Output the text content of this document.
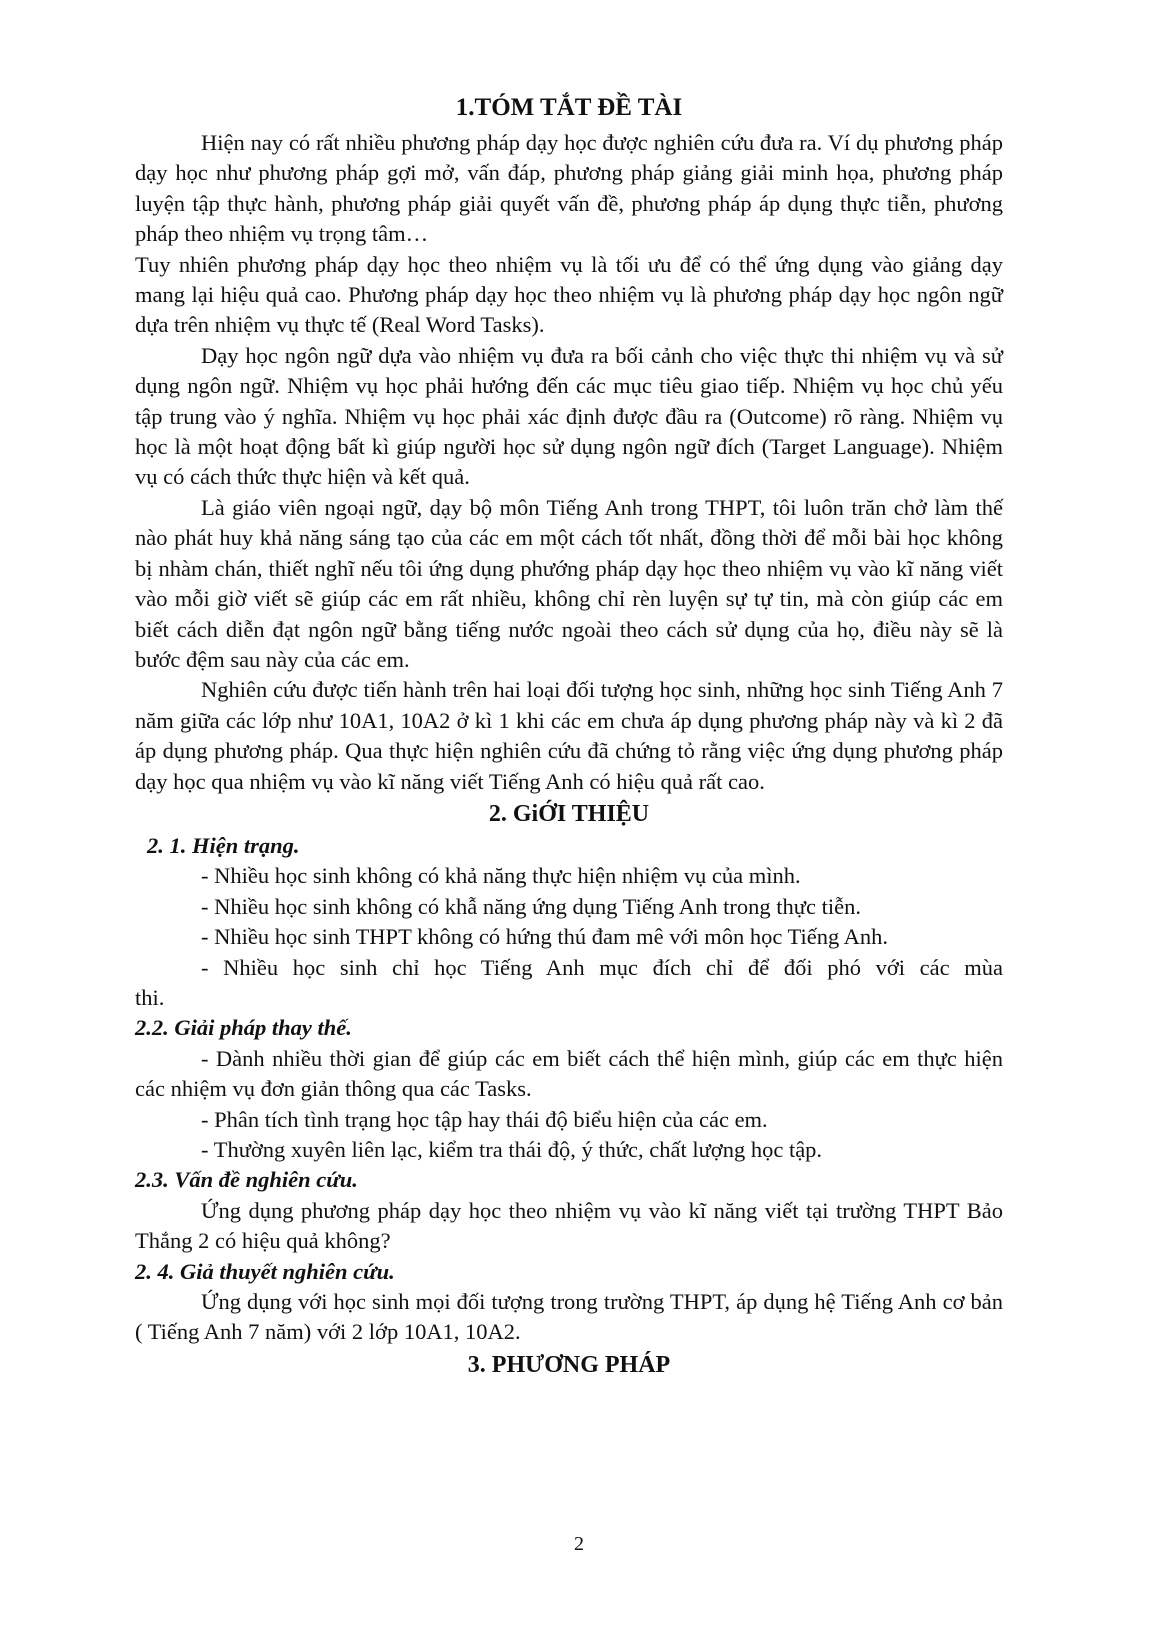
1.TÓM TẮT ĐỀ TÀI

Hiện nay có rất nhiều phương pháp dạy học được nghiên cứu đưa ra. Ví dụ phương pháp dạy học như phương pháp gợi mở, vấn đáp, phương pháp giảng giải minh họa, phương pháp luyện tập thực hành, phương pháp giải quyết vấn đề, phương pháp áp dụng thực tiễn, phương pháp theo nhiệm vụ trọng tâm…

Tuy nhiên phương pháp dạy học theo nhiệm vụ là tối ưu để có thể ứng dụng vào giảng dạy mang lại hiệu quả cao. Phương pháp dạy học theo nhiệm vụ là phương pháp dạy học ngôn ngữ dựa trên nhiệm vụ thực tế (Real Word Tasks).

Dạy học ngôn ngữ dựa vào nhiệm vụ đưa ra bối cảnh cho việc thực thi nhiệm vụ và sử dụng ngôn ngữ. Nhiệm vụ học phải hướng đến các mục tiêu giao tiếp. Nhiệm vụ học chủ yếu tập trung vào ý nghĩa. Nhiệm vụ học phải xác định được đầu ra (Outcome) rõ ràng. Nhiệm vụ học là một hoạt động bất kì giúp người học sử dụng ngôn ngữ đích (Target Language). Nhiệm vụ có cách thức thực hiện và kết quả.

Là giáo viên ngoại ngữ, dạy bộ môn Tiếng Anh trong THPT, tôi luôn trăn chở làm thế nào phát huy khả năng sáng tạo của các em một cách tốt nhất, đồng thời để mỗi bài học không bị nhàm chán, thiết nghĩ nếu tôi ứng dụng phướng pháp dạy học theo nhiệm vụ vào kĩ năng viết vào mỗi giờ viết sẽ giúp các em rất nhiều, không chỉ rèn luyện sự tự tin, mà còn giúp các em biết cách diễn đạt ngôn ngữ bằng tiếng nước ngoài theo cách sử dụng của họ, điều này sẽ là bước đệm sau này của các em.

Nghiên cứu được tiến hành trên hai loại đối tượng học sinh, những học sinh Tiếng Anh 7 năm giữa các lớp như 10A1, 10A2 ở kì 1 khi các em chưa áp dụng phương pháp này và kì 2 đã áp dụng phương pháp. Qua thực hiện nghiên cứu đã chứng tỏ rằng việc ứng dụng phương pháp dạy học qua nhiệm vụ vào kĩ năng viết Tiếng Anh có hiệu quả rất cao.

2. GiỚI THIỆU

2. 1. Hiện trạng.

- Nhiều học sinh không có khả năng thực hiện nhiệm vụ của mình.

- Nhiều học sinh không có khẫ năng ứng dụng Tiếng Anh trong thực tiễn.

- Nhiều học sinh THPT không có hứng thú đam mê với môn học Tiếng Anh.

- Nhiều học sinh chỉ học Tiếng Anh mục đích chỉ để đối phó với các mùa

thi.

2.2. Giải pháp thay thế.

- Dành nhiều thời gian để giúp các em biết cách thể hiện mình, giúp các em thực hiện các nhiệm vụ đơn giản thông qua các Tasks.

- Phân tích tình trạng học tập hay thái độ biểu hiện của các em.

- Thường xuyên liên lạc, kiểm tra thái độ, ý thức, chất lượng học tập.

2.3. Vấn đề nghiên cứu.

Ứng dụng phương pháp dạy học theo nhiệm vụ vào kĩ năng viết tại trường THPT Bảo Thắng 2 có hiệu quả không?

2. 4. Giả thuyết nghiên cứu.

Ứng dụng với học sinh mọi đối tượng trong trường THPT, áp dụng hệ Tiếng Anh cơ bản ( Tiếng Anh 7 năm) với 2 lớp 10A1, 10A2.

3. PHƯƠNG PHÁP

2
